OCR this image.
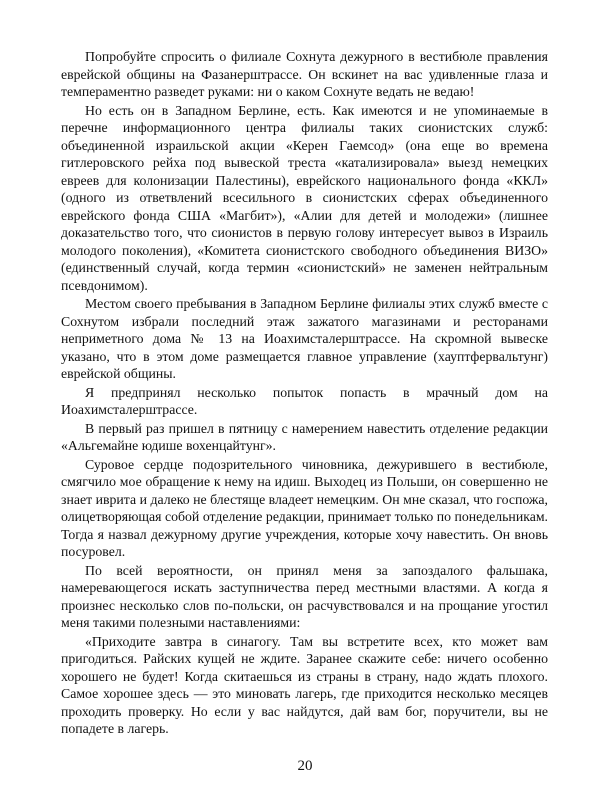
Попробуйте спросить о филиале Сохнута дежурного в вестибюле правления еврейской общины на Фазанерштрассе. Он вскинет на вас удивленные глаза и темпераментно разведет руками: ни о каком Сохнуте ведать не ведаю!

Но есть он в Западном Берлине, есть. Как имеются и не упоминаемые в перечне информационного центра филиалы таких сионистских служб: объединенной израильской акции «Керен Гаемсод» (она еще во времена гитлеровского рейха под вывеской треста «катализировала» выезд немецких евреев для колонизации Палестины), еврейского национального фонда «ККЛ» (одного из ответвлений всесильного в сионистских сферах объединенного еврейского фонда США «Магбит»), «Алии для детей и молодежи» (лишнее доказательство того, что сионистов в первую голову интересует вывоз в Израиль молодого поколения), «Комитета сионистского свободного объединения ВИЗО» (единственный случай, когда термин «сионистский» не заменен нейтральным псевдонимом).

Местом своего пребывания в Западном Берлине филиалы этих служб вместе с Сохнутом избрали последний этаж зажатого магазинами и ресторанами неприметного дома № 13 на Иоахимсталерштрассе. На скромной вывеске указано, что в этом доме размещается главное управление (хауптфервальтунг) еврейской общины.

Я предпринял несколько попыток попасть в мрачный дом на Иоахимсталерштрассе.

В первый раз пришел в пятницу с намерением навестить отделение редакции «Альгемайне юдише вохенцайтунг».

Суровое сердце подозрительного чиновника, дежурившего в вестибюле, смягчило мое обращение к нему на идиш. Выходец из Польши, он совершенно не знает иврита и далеко не блестяще владеет немецким. Он мне сказал, что госпожа, олицетворяющая собой отделение редакции, принимает только по понедельникам. Тогда я назвал дежурному другие учреждения, которые хочу навестить. Он вновь посуровел.

По всей вероятности, он принял меня за запоздалого фальшака, намеревающегося искать заступничества перед местными властями. А когда я произнес несколько слов по-польски, он расчувствовался и на прощание угостил меня такими полезными наставлениями:

«Приходите завтра в синагогу. Там вы встретите всех, кто может вам пригодиться. Райских кущей не ждите. Заранее скажите себе: ничего особенно хорошего не будет! Когда скитаешься из страны в страну, надо ждать плохого. Самое хорошее здесь — это миновать лагерь, где приходится несколько месяцев проходить проверку. Но если у вас найдутся, дай вам бог, поручители, вы не попадете в лагерь.

20
